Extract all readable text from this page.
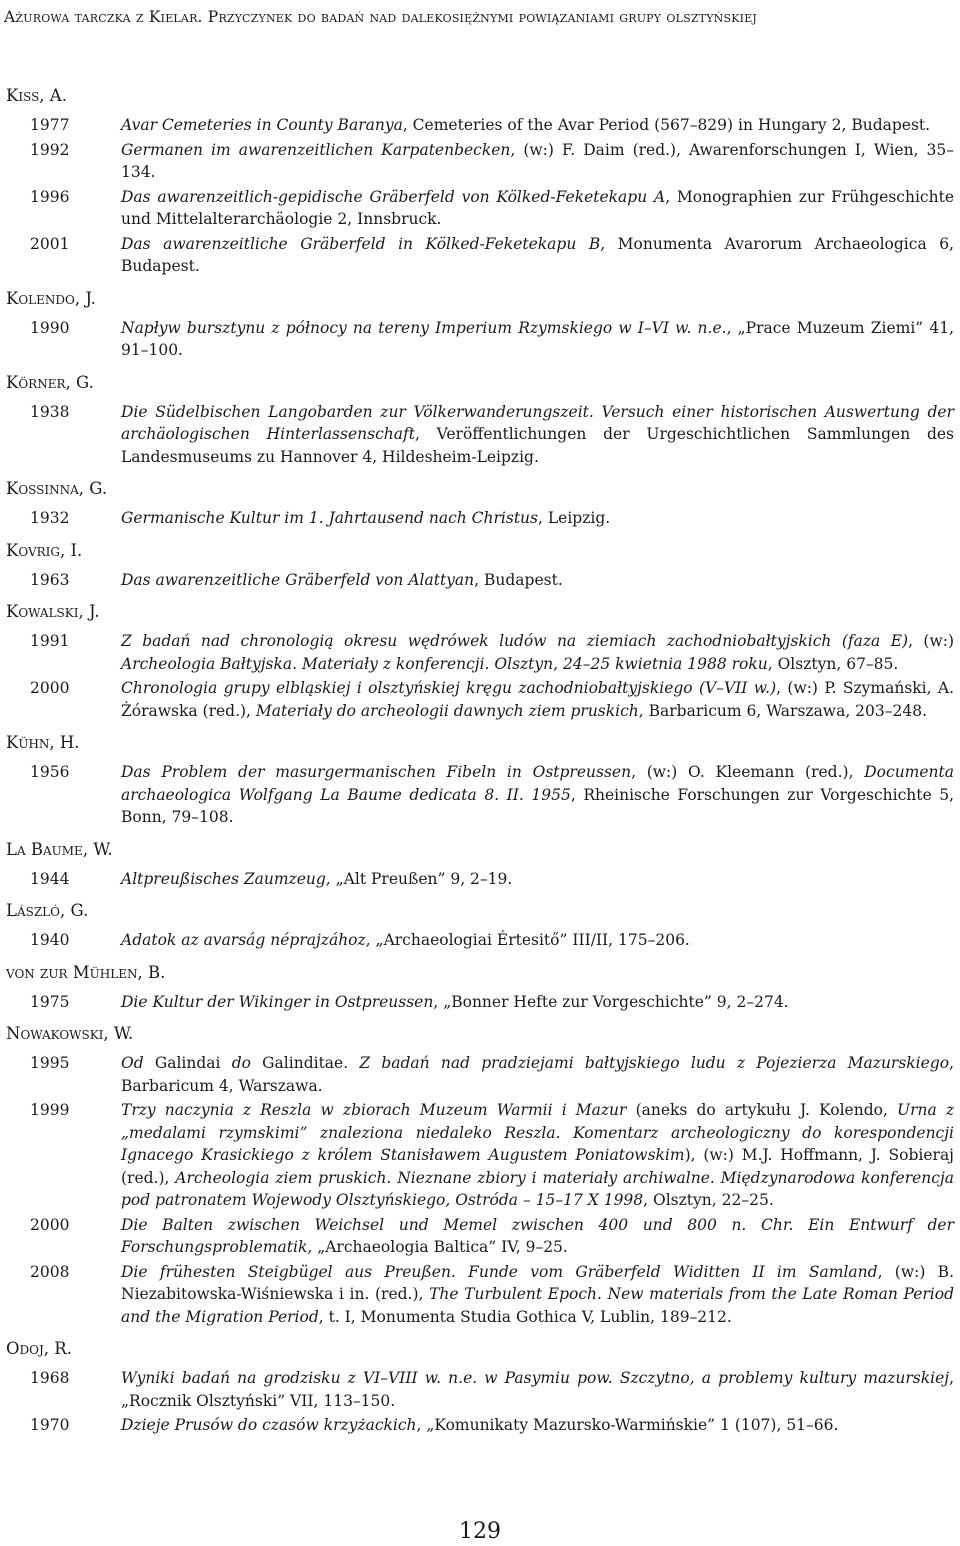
Ażurowa tarczka z Kielar. Przyczynek do badań nad dalekosiężnymi powiązaniami grupy olsztyńskiej
Kiss, A.
1977	Avar Cemeteries in County Baranya, Cemeteries of the Avar Period (567–829) in Hungary 2, Budapest.
1992	Germanen im awarenzeitlichen Karpatenbecken, (w:) F. Daim (red.), Awarenforschungen I, Wien, 35–134.
1996	Das awarenzeitlich-gepidische Gräberfeld von Kölked-Feketekapu A, Monographien zur Frühgeschichte und Mittelalterarchäologie 2, Innsbruck.
2001	Das awarenzeitliche Gräberfeld in Kölked-Feketekapu B, Monumenta Avarorum Archaeologica 6, Budapest.
Kolendo, J.
1990	Napływ bursztynu z północy na tereny Imperium Rzymskiego w I–VI w. n.e., „Prace Muzeum Ziemi” 41, 91–100.
Körner, G.
1938	Die Südelbischen Langobarden zur Völkerwanderungszeit. Versuch einer historischen Auswertung der archäologischen Hinterlassenschaft, Veröffentlichungen der Urgeschichtlichen Sammlungen des Landesmuseums zu Hannover 4, Hildesheim-Leipzig.
Kossinna, G.
1932	Germanische Kultur im 1. Jahrtausend nach Christus, Leipzig.
Kovrig, I.
1963	Das awarenzeitliche Gräberfeld von Alattyan, Budapest.
Kowalski, J.
1991	Z badań nad chronologią okresu wędrówek ludów na ziemiach zachodniobałtyjskich (faza E), (w:) Archeologia Bałtyjska. Materiały z konferencji. Olsztyn, 24–25 kwietnia 1988 roku, Olsztyn, 67–85.
2000	Chronologia grupy elbląskiej i olsztyńskiej kręgu zachodniobałtyjskiego (V–VII w.), (w:) P. Szymański, A. Żórawska (red.), Materiały do archeologii dawnych ziem pruskich, Barbaricum 6, Warszawa, 203–248.
Kühn, H.
1956	Das Problem der masurgermanischen Fibeln in Ostpreussen, (w:) O. Kleemann (red.), Documenta archaeologica Wolfgang La Baume dedicata 8. II. 1955, Rheinische Forschungen zur Vorgeschichte 5, Bonn, 79–108.
La Baume, W.
1944	Altpreußisches Zaumzeug, „Alt Preußen” 9, 2–19.
László, G.
1940	Adatok az avarság néprajzához, „Archaeologiai Értesitő” III/II, 175–206.
von zur Mühlen, B.
1975	Die Kultur der Wikinger in Ostpreussen, „Bonner Hefte zur Vorgeschichte” 9, 2–274.
Nowakowski, W.
1995	Od Galindai do Galinditae. Z badań nad pradziejami bałtyjskiego ludu z Pojezierza Mazurskiego, Barbaricum 4, Warszawa.
1999	Trzy naczynia z Reszla w zbiorach Muzeum Warmii i Mazur (aneks do artykułu J. Kolendo, Urna z „medalami rzymskimi” znaleziona niedaleko Reszla. Komentarz archeologiczny do korespondencji Ignacego Krasickiego z królem Stanisławem Augustem Poniatowskim), (w:) M.J. Hoffmann, J. Sobieraj (red.), Archeologia ziem pruskich. Nieznane zbiory i materiały archiwalne. Międzynarodowa konferencja pod patronatem Wojewody Olsztyńskiego, Ostróda – 15–17 X 1998, Olsztyn, 22–25.
2000	Die Balten zwischen Weichsel und Memel zwischen 400 und 800 n. Chr. Ein Entwurf der Forschungsproblematik, „Archaeologia Baltica” IV, 9–25.
2008	Die frühesten Steigbügel aus Preußen. Funde vom Gräberfeld Widitten II im Samland, (w:) B. Niezabitowska-Wiśniewska i in. (red.), The Turbulent Epoch. New materials from the Late Roman Period and the Migration Period, t. I, Monumenta Studia Gothica V, Lublin, 189–212.
Odoj, R.
1968	Wyniki badań na grodzisku z VI–VIII w. n.e. w Pasymiu pow. Szczytno, a problemy kultury mazurskiej, „Rocznik Olsztyński” VII, 113–150.
1970	Dzieje Prusów do czasów krzyżackich, „Komunikaty Mazursko-Warmińskie” 1 (107), 51–66.
129
